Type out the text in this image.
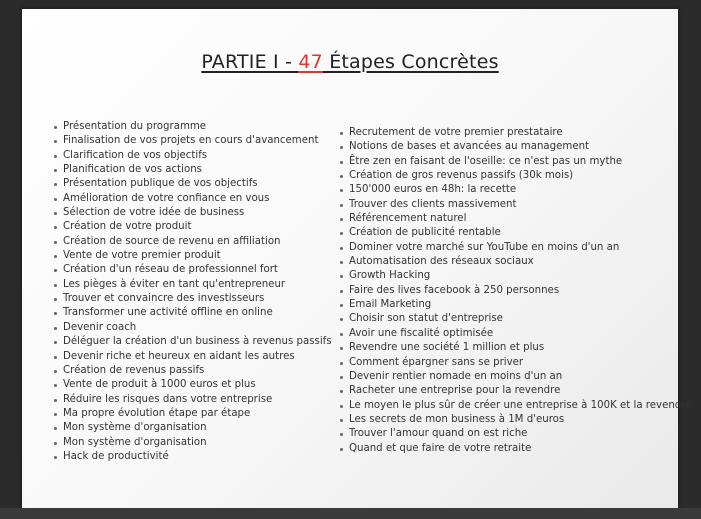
PARTIE I - 47 Étapes Concrètes
Présentation du programme
Finalisation de vos projets en cours d'avancement
Clarification de vos objectifs
Planification de vos actions
Présentation publique de vos objectifs
Amélioration de votre confiance en vous
Sélection de votre idée de business
Création de votre produit
Création de source de revenu en affiliation
Vente de votre premier produit
Création d'un réseau de professionnel fort
Les pièges à éviter en tant qu'entrepreneur
Trouver et convaincre des investisseurs
Transformer une activité offline en online
Devenir coach
Déléguer la création d'un business à revenus passifs
Devenir riche et heureux en aidant les autres
Création de revenus passifs
Vente de produit à 1000 euros et plus
Réduire les risques dans votre entreprise
Ma propre évolution étape par étape
Mon système d'organisation
Mon système d'organisation
Hack de productivité
Recrutement de votre premier prestataire
Notions de bases et avancées au management
Être zen en faisant de l'oseille: ce n'est pas un mythe
Création de gros revenus passifs (30k mois)
150'000 euros en 48h: la recette
Trouver des clients massivement
Référencement naturel
Création de publicité rentable
Dominer votre marché sur YouTube en moins d'un an
Automatisation des réseaux sociaux
Growth Hacking
Faire des lives facebook à 250 personnes
Email Marketing
Choisir son statut d'entreprise
Avoir une fiscalité optimisée
Revendre une société 1 million et plus
Comment épargner sans se priver
Devenir rentier nomade en moins d'un an
Racheter une entreprise pour la revendre
Le moyen le plus sûr de créer une entreprise à 100K et la revendre
Les secrets de mon business à 1M d'euros
Trouver l'amour quand on est riche
Quand et que faire de votre retraite
